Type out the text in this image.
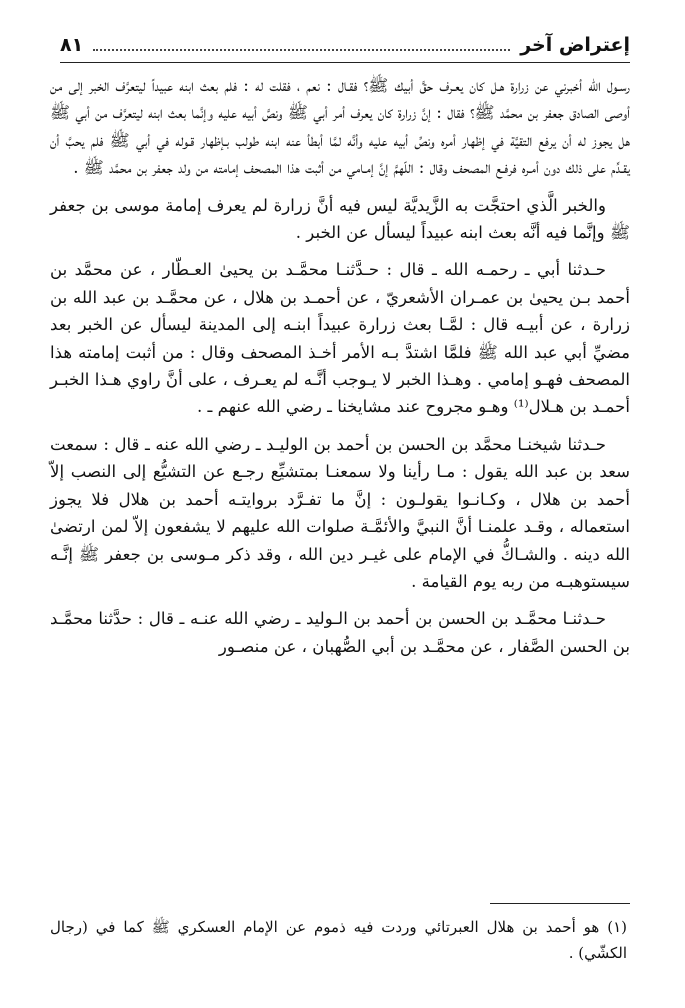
إعتراض آخر
٨١

رسـول الله أخبرني عن زرارة هـل كان يعـرف حقَّ أبيك ﷺ؟ فقـال : نعم ، فقلت له : فلم بعث ابنه عبيداً ليتعرَّف الخبر إلى من أوصى الصادق جعفر بن محمَّد ﷺ؟ فقال : إنَّ زرارة كان يعرف أمر أبي ﷺ ونصَّ أبيه عليه وإنَّما بعث ابنه ليتعرَّف من أبي ﷺ هل يجوز له أن يرفع التقيَّة في إظهار أمره ونصِّ أبيه عليه وأنَّه لمَّا أبطأ عنه ابنه طولب بـإظهار قـوله في أبي ﷺ فلم يحبَّ أن يقـدِّم على ذلك دون أمـره فرفـع المصحف وقال : اللّهمَّ إنَّ إمـامي من أثبت هذا المصحف إمامته من ولد جعفر بن محمَّد ﷺ .

والخبر الَّذي احتجَّت به الزَّيديَّة ليس فيه أنَّ زرارة لم يعرف إمامة موسى بن جعفر ﷺ وإنَّما فيه أنَّه بعث ابنه عبيداً ليسأل عن الخبر .

حـدثنا أبي ـ رحمـه الله ـ قال : حـدَّثنـا محمَّـد بن يحيىٰ العـطّار ، عن محمَّد بن أحمد بـن يحيىٰ بن عمـران الأشعريّ ، عن أحمـد بن هلال ، عن محمَّـد بن عبد الله بن زرارة ، عن أبيـه قال : لمَّـا بعث زرارة عبيداً ابنـه إلى المدينة ليسأل عن الخبر بعد مضيِّ أبي عبد الله ﷺ فلمَّا اشتدَّ بـه الأمر أخـذ المصحف وقال : من أثبت إمامته هذا المصحف فهـو إمامي . وهـذا الخبر لا يـوجب أنَّـه لم يعـرف ، على أنَّ راوي هـذا الخبـر أحمـد بن هـلال⁽¹⁾ وهـو مجروح عند مشايخنا ـ رضي الله عنهم ـ .

حـدثنا شيخنـا محمَّد بن الحسن بن أحمد بن الوليـد ـ رضي الله عنه ـ قال : سمعت سعد بن عبد الله يقول : مـا رأينا ولا سمعنـا بمتشيِّع رجـع عن التشيُّع إلى النصب إلاّ أحمد بن هلال ، وكـانـوا يقولـون : إنَّ ما تفـرَّد بروايتـه أحمد بن هلال فلا يجوز استعماله ، وقـد علمنـا أنَّ النبيَّ والأئمَّـة صلوات الله عليهم لا يشفعون إلاّ لمن ارتضىٰ الله دينه . والشـاكُّ في الإمام على غيـر دين الله ، وقد ذكر مـوسى بن جعفر ﷺ إنَّـه سيستوهبـه من ربه يوم القيامة .

حـدثنـا محمَّـد بن الحسن بن أحمد بن الـوليد ـ رضي الله عنـه ـ قال : حدَّثنا محمَّـد بن الحسن الصَّفار ، عن محمَّـد بن أبي الصُّهبان ، عن منصـور

(١) هو أحمد بن هلال العبرتائي وردت فيه ذموم عن الإمام العسكري ﷺ كما في (رجال الكشّي) .
